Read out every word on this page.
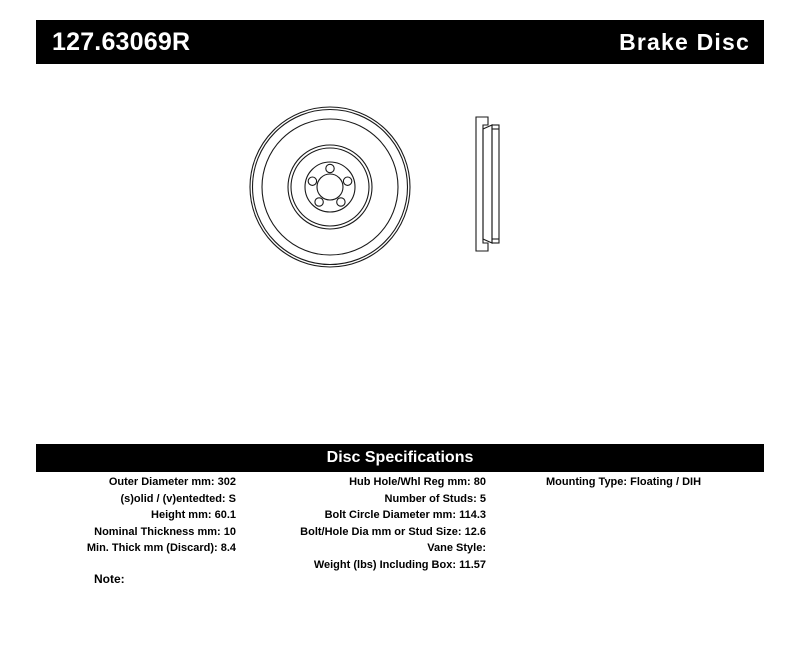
127.63069R	Brake Disc
Disc Specifications
Outer Diameter mm: 302
(s)olid / (v)entedted: S
Height mm: 60.1
Nominal Thickness mm: 10
Min. Thick mm (Discard): 8.4
Hub Hole/Whl Reg mm: 80
Number of Studs: 5
Bolt Circle Diameter mm: 114.3
Bolt/Hole Dia mm or Stud Size: 12.6
Vane Style:
Weight (lbs) Including Box: 11.57
Mounting Type: Floating / DIH
Note:
